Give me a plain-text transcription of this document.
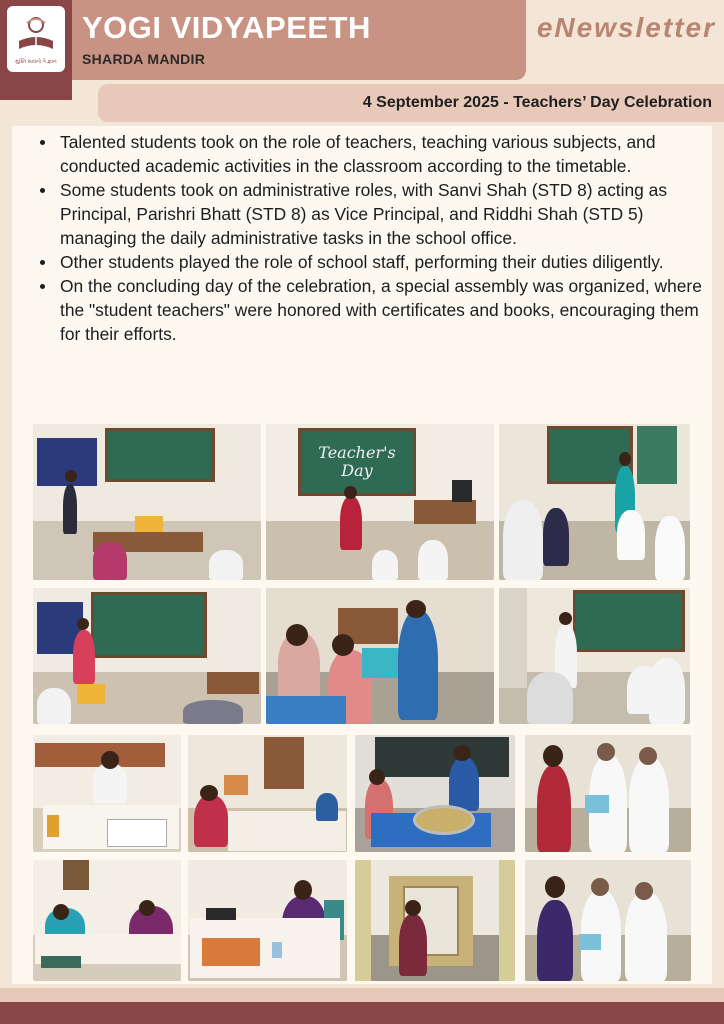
મુક્તિ સાધનો તે જ્ઞાન
YOGI VIDYAPEETH
SHARDA MANDIR
eNewsletter
4 September 2025 - Teachers’ Day Celebration
Talented students took on the role of teachers, teaching various subjects, and conducted academic activities in the classroom according to the timetable.
Some students took on administrative roles, with Sanvi Shah (STD 8) acting as Principal, Parishri Bhatt (STD 8) as Vice Principal, and Riddhi Shah (STD 5) managing the daily administrative tasks in the school office.
Other students played the role of school staff, performing their duties diligently.
On the concluding day of the celebration, a special assembly was organized, where the "student teachers" were honored with certificates and books, encouraging them for their efforts.
Teacher's Day
